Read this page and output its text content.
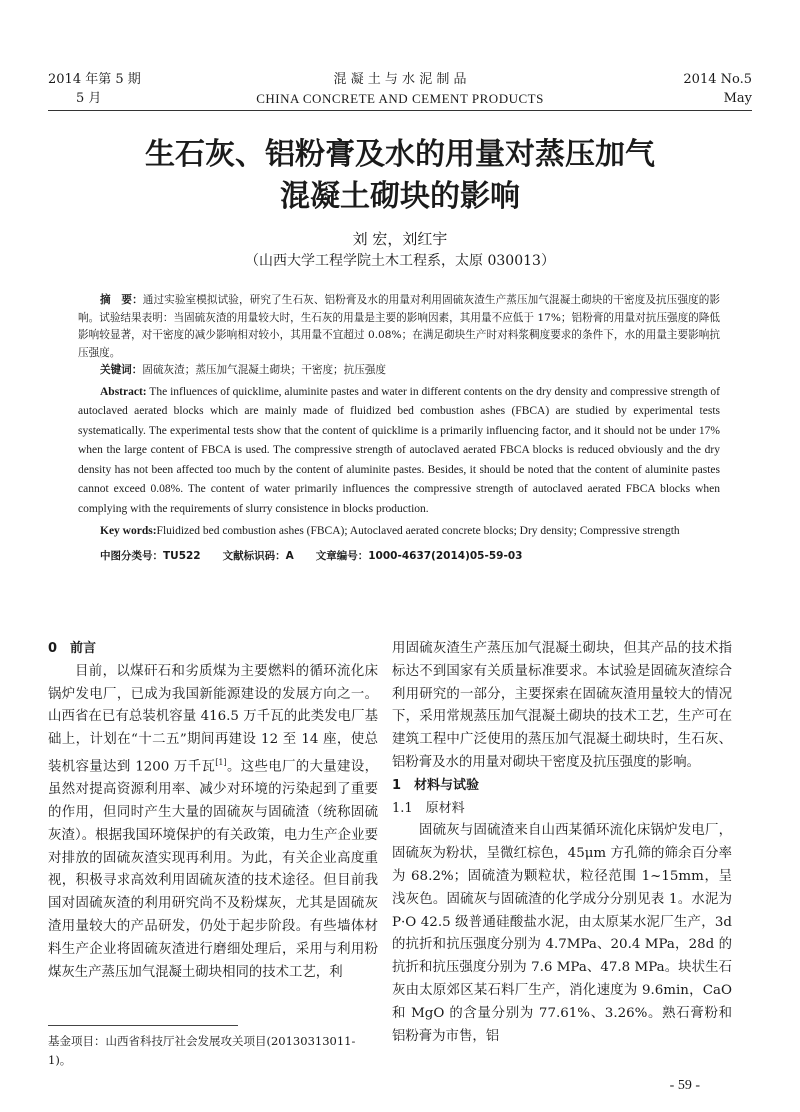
2014 年第 5 期
5 月
混 凝 土 与 水 泥 制 品
CHINA CONCRETE AND CEMENT PRODUCTS
2014 No.5
May
生石灰、铝粉膏及水的用量对蒸压加气
混凝土砌块的影响
刘 宏，刘红宇
（山西大学工程学院土木工程系，太原 030013）

摘　要：通过实验室模拟试验，研究了生石灰、铝粉膏及水的用量对利用固硫灰渣生产蒸压加气混凝土砌块的干密度及抗压强度的影响。试验结果表明：当固硫灰渣的用量较大时，生石灰的用量是主要的影响因素，其用量不应低于 17%；铝粉膏的用量对抗压强度的降低影响较显著，对干密度的减少影响相对较小，其用量不宜超过 0.08%；在满足砌块生产时对料浆稠度要求的条件下，水的用量主要影响抗压强度。

关键词：固硫灰渣；蒸压加气混凝土砌块；干密度；抗压强度

Abstract: The influences of quicklime, aluminite pastes and water in different contents on the dry density and compressive strength of autoclaved aerated blocks which are mainly made of fluidized bed combustion ashes (FBCA) are studied by experimental tests systematically. The experimental tests show that the content of quicklime is a primarily influencing factor, and it should not be under 17% when the large content of FBCA is used. The compressive strength of autoclaved aerated FBCA blocks is reduced obviously and the dry density has not been affected too much by the content of aluminite pastes. Besides, it should be noted that the content of aluminite pastes cannot exceed 0.08%. The content of water primarily influences the compressive strength of autoclaved aerated FBCA blocks when complying with the requirements of slurry consistence in blocks production.

Key words:Fluidized bed combustion ashes (FBCA); Autoclaved aerated concrete blocks; Dry density; Compressive strength

中图分类号：TU522 文献标识码：A 文章编号：1000-4637(2014)05-59-03

0　前言

目前，以煤矸石和劣质煤为主要燃料的循环流化床锅炉发电厂，已成为我国新能源建设的发展方向之一。山西省在已有总装机容量 416.5 万千瓦的此类发电厂基础上，计划在“十二五”期间再建设 12 至 14 座，使总装机容量达到 1200 万千瓦[1]。这些电厂的大量建设，虽然对提高资源利用率、减少对环境的污染起到了重要的作用，但同时产生大量的固硫灰与固硫渣（统称固硫灰渣）。根据我国环境保护的有关政策，电力生产企业要对排放的固硫灰渣实现再利用。为此，有关企业高度重视，积极寻求高效利用固硫灰渣的技术途径。但目前我国对固硫灰渣的利用研究尚不及粉煤灰，尤其是固硫灰渣用量较大的产品研发，仍处于起步阶段。有些墙体材料生产企业将固硫灰渣进行磨细处理后，采用与利用粉煤灰生产蒸压加气混凝土砌块相同的技术工艺，利

用固硫灰渣生产蒸压加气混凝土砌块，但其产品的技术指标达不到国家有关质量标准要求。本试验是固硫灰渣综合利用研究的一部分，主要探索在固硫灰渣用量较大的情况下，采用常规蒸压加气混凝土砌块的技术工艺，生产可在建筑工程中广泛使用的蒸压加气混凝土砌块时，生石灰、铝粉膏及水的用量对砌块干密度及抗压强度的影响。

1　材料与试验

1.1　原材料

固硫灰与固硫渣来自山西某循环流化床锅炉发电厂，固硫灰为粉状，呈微红棕色，45μm 方孔筛的筛余百分率为 68.2%；固硫渣为颗粒状，粒径范围 1~15mm，呈浅灰色。固硫灰与固硫渣的化学成分分别见表 1。水泥为 P·O 42.5 级普通硅酸盐水泥，由太原某水泥厂生产，3d 的抗折和抗压强度分别为 4.7MPa、20.4 MPa，28d 的抗折和抗压强度分别为 7.6 MPa、47.8 MPa。块状生石灰由太原郊区某石料厂生产，消化速度为 9.6min，CaO 和 MgO 的含量分别为 77.61%、3.26%。熟石膏粉和铝粉膏为市售，铝

基金项目：山西省科技厅社会发展攻关项目(20130313011-1)。
- 59 -
